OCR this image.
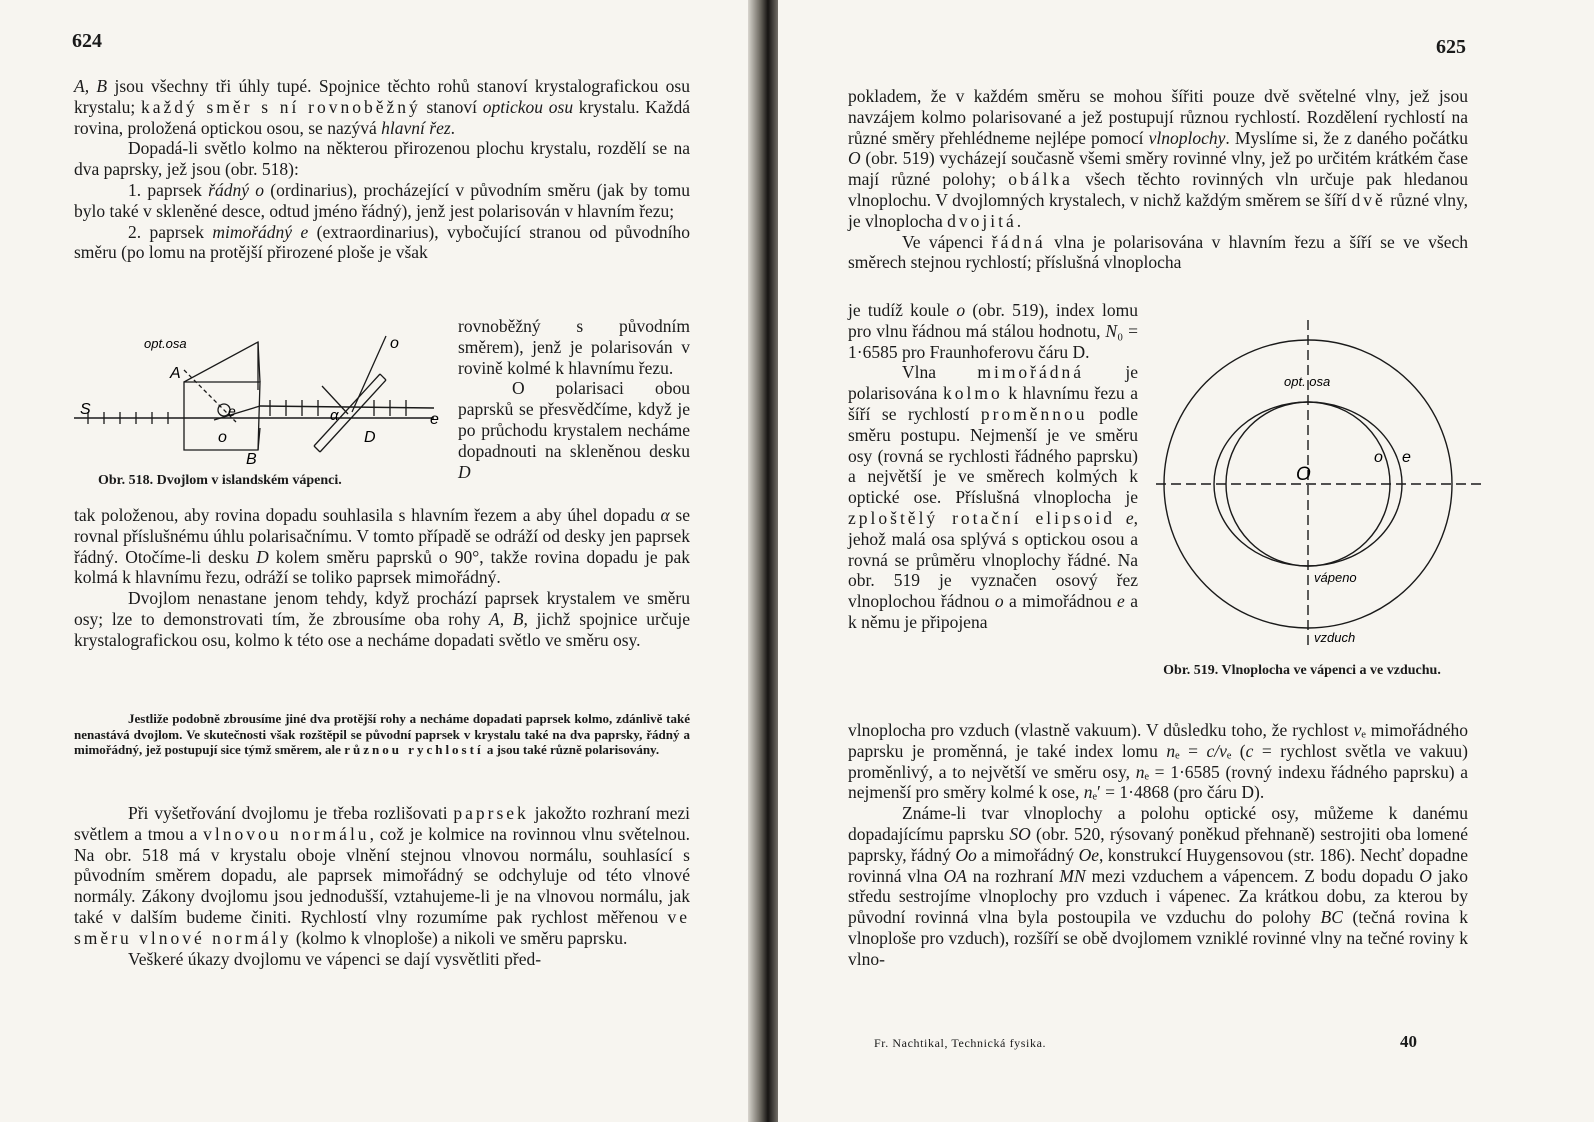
624

A, B jsou všechny tři úhly tupé. Spojnice těchto rohů stanoví krystalografickou osu krystalu; každý směr s ní rovnoběžný stanoví optickou osu krystalu. Každá rovina, proložená optickou osou, se nazývá hlavní řez.

Dopadá-li světlo kolmo na některou přirozenou plochu krystalu, rozdělí se na dva paprsky, jež jsou (obr. 518):

1. paprsek řádný o (ordinarius), procházející v původním směru (jak by tomu bylo také v skleněné desce, odtud jméno řádný), jenž jest polarisován v hlavním řezu;

2. paprsek mimořádný e (extraordinarius), vybočující stranou od původního směru (po lomu na protější přirozené ploše je však

opt.osa
A
B
S
o
e
o
e	α
D
Obr. 518. Dvojlom v islandském vápenci.

rovnoběžný s původním směrem), jenž je polarisován v rovině kolmé k hlavnímu řezu.

O polarisaci obou paprsků se přesvědčíme, když je po průchodu krystalem necháme dopadnouti na skleněnou desku D

tak položenou, aby rovina dopadu souhlasila s hlavním řezem a aby úhel dopadu α se rovnal příslušnému úhlu polarisačnímu. V tomto případě se odráží od desky jen paprsek řádný. Otočíme-li desku D kolem směru paprsků o 90°, takže rovina dopadu je pak kolmá k hlavnímu řezu, odráží se toliko paprsek mimořádný.

Dvojlom nenastane jenom tehdy, když prochází paprsek krystalem ve směru osy; lze to demonstrovati tím, že zbrousíme oba rohy A, B, jichž spojnice určuje krystalografickou osu, kolmo k této ose a necháme dopadati světlo ve směru osy.

Jestliže podobně zbrousíme jiné dva protější rohy a necháme dopadati paprsek kolmo, zdánlivě také nenastává dvojlom. Ve skutečnosti však rozštěpil se původní paprsek v krystalu také na dva paprsky, řádný a mimořádný, jež postupují sice týmž směrem, ale různou rychlostí a jsou také různě polarisovány.

Při vyšetřování dvojlomu je třeba rozlišovati paprsek jakožto rozhraní mezi světlem a tmou a vlnovou normálu, což je kolmice na rovinnou vlnu světelnou. Na obr. 518 má v krystalu oboje vlnění stejnou vlnovou normálu, souhlasící s původním směrem dopadu, ale paprsek mimořádný se odchyluje od této vlnové normály. Zákony dvojlomu jsou jednodušší, vztahujeme-li je na vlnovou normálu, jak také v dalším budeme činiti. Rychlostí vlny rozumíme pak rychlost měřenou ve směru vlnové normály (kolmo k vlnoploše) a nikoli ve směru paprsku.

Veškeré úkazy dvojlomu ve vápenci se dají vysvětliti před-

625

pokladem, že v každém směru se mohou šířiti pouze dvě světelné vlny, jež jsou navzájem kolmo polarisované a jež postupují různou rychlostí. Rozdělení rychlostí na různé směry přehlédneme nejlépe pomocí vlnoplochy. Myslíme si, že z daného počátku O (obr. 519) vycházejí současně všemi směry rovinné vlny, jež po určitém krátkém čase mají různé polohy; obálka všech těchto rovinných vln určuje pak hledanou vlnoplochu. V dvojlomných krystalech, v nichž každým směrem se šíří dvě různé vlny, je vlnoplocha dvojitá.

Ve vápenci řádná vlna je polarisována v hlavním řezu a šíří se ve všech směrech stejnou rychlostí; příslušná vlnoplocha

je tudíž koule o (obr. 519), index lomu pro vlnu řádnou má stálou hodnotu, N₀ = 1·6585 pro Fraunhoferovu čáru D.

Vlna mimořádná je polarisována kolmo k hlavnímu řezu a šíří se rychlostí proměnnou podle směru postupu. Nejmenší je ve směru osy (rovná se rychlosti řádného paprsku) a největší je ve směrech kolmých k optické ose. Příslušná vlnoplocha je zploštělý rotační elipsoid e, jehož malá osa splývá s optickou osou a rovná se průměru vlnoplochy řádné. Na obr. 519 je vyznačen osový řez vlnoplochou řádnou o a mimořádnou e a k němu je připojena

opt. osa
O
o e
vápeno
vzduch
Obr. 519. Vlnoplocha ve vápenci a ve vzduchu.

vlnoplocha pro vzduch (vlastně vakuum). V důsledku toho, že rychlost vₑ mimořádného paprsku je proměnná, je také index lomu nₑ = c/vₑ (c = rychlost světla ve vakuu) proměnlivý, a to největší ve směru osy, nₑ = 1·6585 (rovný indexu řádného paprsku) a nejmenší pro směry kolmé k ose, nₑ′ = 1·4868 (pro čáru D).

Známe-li tvar vlnoplochy a polohu optické osy, můžeme k danému dopadajícímu paprsku SO (obr. 520, rýsovaný poněkud přehnaně) sestrojiti oba lomené paprsky, řádný Oo a mimořádný Oe, konstrukcí Huygensovou (str. 186). Nechť dopadne rovinná vlna OA na rozhraní MN mezi vzduchem a vápencem. Z bodu dopadu O jako středu sestrojíme vlnoplochy pro vzduch i vápenec. Za krátkou dobu, za kterou by původní rovinná vlna byla postoupila ve vzduchu do polohy BC (tečná rovina k vlnoploše pro vzduch), rozšíří se obě dvojlomem vzniklé rovinné vlny na tečné roviny k vlno-

Fr. Nachtikal, Technická fysika.	40
